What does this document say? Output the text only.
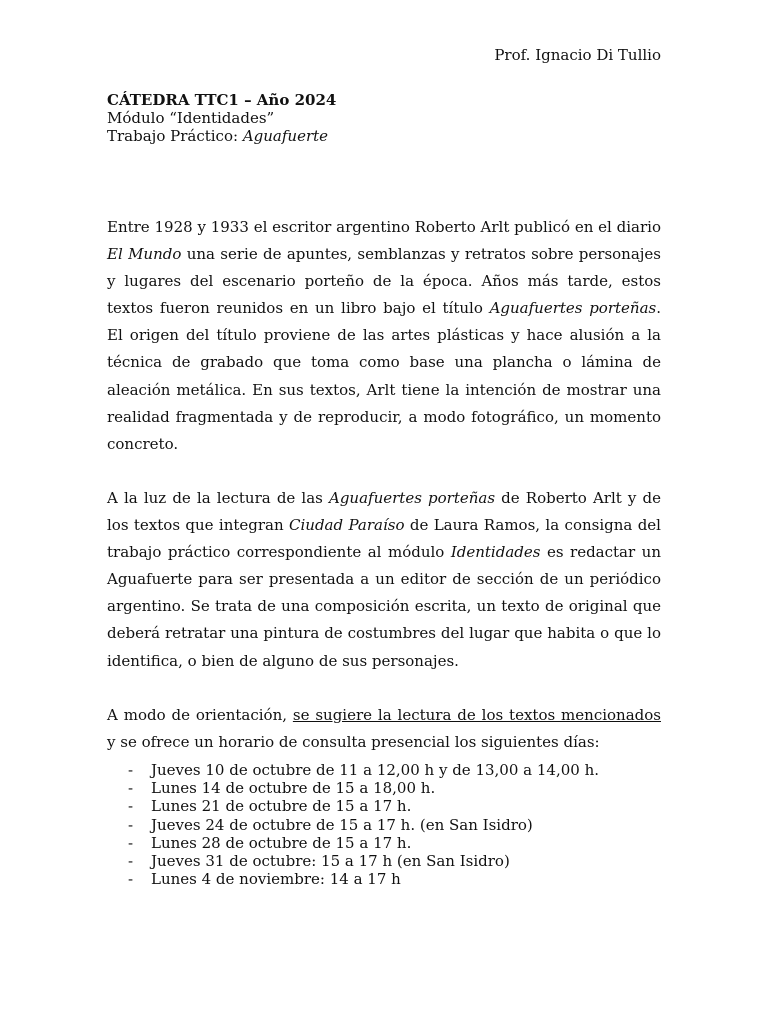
Prof. Ignacio Di Tullio
CÁTEDRA TTC1 – Año 2024
Módulo “Identidades”
Trabajo Práctico: Aguafuerte

Entre 1928 y 1933 el escritor argentino Roberto Arlt publicó en el diario El Mundo una serie de apuntes, semblanzas y retratos sobre personajes y lugares del escenario porteño de la época. Años más tarde, estos textos fueron reunidos en un libro bajo el título Aguafuertes porteñas. El origen del título proviene de las artes plásticas y hace alusión a la técnica de grabado que toma como base una plancha o lámina de aleación metálica. En sus textos, Arlt tiene la intención de mostrar una realidad fragmentada y de reproducir, a modo fotográfico, un momento concreto.

A la luz de la lectura de las Aguafuertes porteñas de Roberto Arlt y de los textos que integran Ciudad Paraíso de Laura Ramos, la consigna del trabajo práctico correspondiente al módulo Identidades es redactar un Aguafuerte para ser presentada a un editor de sección de un periódico argentino. Se trata de una composición escrita, un texto de original que deberá retratar una pintura de costumbres del lugar que habita o que lo identifica, o bien de alguno de sus personajes.

A modo de orientación, se sugiere la lectura de los textos mencionados y se ofrece un horario de consulta presencial los siguientes días:

- Jueves 10 de octubre de 11 a 12,00 h y de 13,00 a 14,00 h.
- Lunes 14 de octubre de 15 a 18,00 h.
- Lunes 21 de octubre de 15 a 17 h.
- Jueves 24 de octubre de 15 a 17 h. (en San Isidro)
- Lunes 28 de octubre de 15 a 17 h.
- Jueves 31 de octubre: 15 a 17 h (en San Isidro)
- Lunes 4 de noviembre: 14 a 17 h
